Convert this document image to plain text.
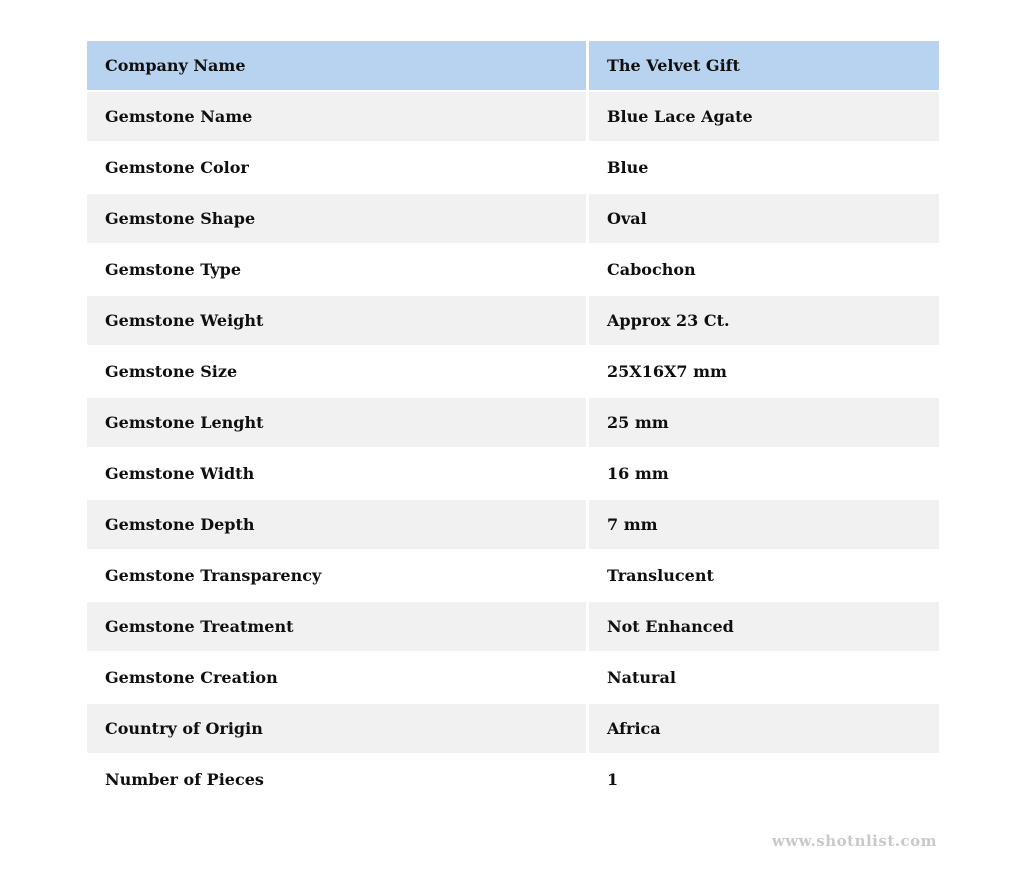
Company Name	The Velvet Gift
Gemstone Name	Blue Lace Agate
Gemstone Color	Blue
Gemstone Shape	Oval
Gemstone Type	Cabochon
Gemstone Weight	Approx 23 Ct.
Gemstone Size	25X16X7 mm
Gemstone Lenght	25 mm
Gemstone Width	16 mm
Gemstone Depth	7 mm
Gemstone Transparency	Translucent
Gemstone Treatment	Not Enhanced
Gemstone Creation	Natural
Country of Origin	Africa
Number of Pieces	1
www.shotnlist.com
